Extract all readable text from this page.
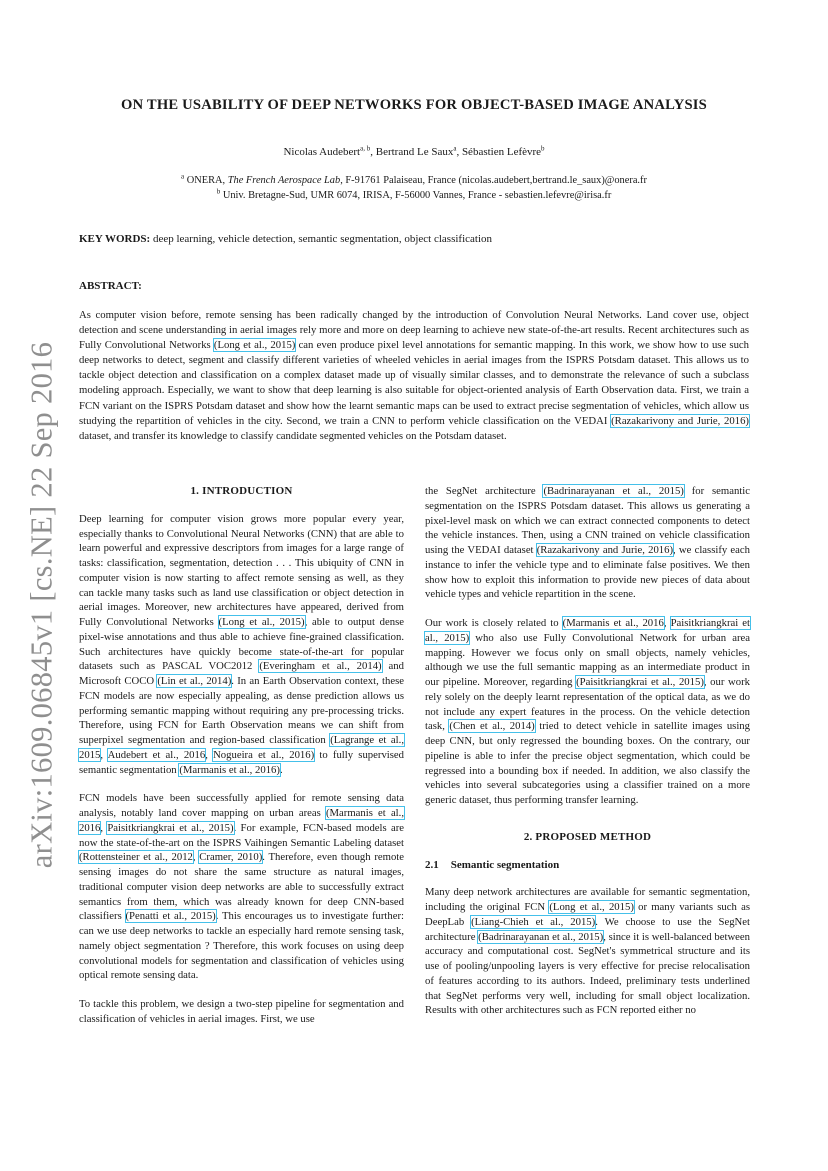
arXiv:1609.06845v1 [cs.NE] 22 Sep 2016
ON THE USABILITY OF DEEP NETWORKS FOR OBJECT-BASED IMAGE ANALYSIS
Nicolas Audebert$^{a, b}$, Bertrand Le Saux$^a$, Sébastien Lefèvre$^b$
$^a$ ONERA, The French Aerospace Lab, F-91761 Palaiseau, France (nicolas.audebert,bertrand.le_saux)@onera.fr
$^b$ Univ. Bretagne-Sud, UMR 6074, IRISA, F-56000 Vannes, France - sebastien.lefevre@irisa.fr
KEY WORDS: deep learning, vehicle detection, semantic segmentation, object classification
ABSTRACT:

As computer vision before, remote sensing has been radically changed by the introduction of Convolution Neural Networks. Land cover use, object detection and scene understanding in aerial images rely more and more on deep learning to achieve new state-of-the-art results. Recent architectures such as Fully Convolutional Networks (Long et al., 2015) can even produce pixel level annotations for semantic mapping. In this work, we show how to use such deep networks to detect, segment and classify different varieties of wheeled vehicles in aerial images from the ISPRS Potsdam dataset. This allows us to tackle object detection and classification on a complex dataset made up of visually similar classes, and to demonstrate the relevance of such a subclass modeling approach. Especially, we want to show that deep learning is also suitable for object-oriented analysis of Earth Observation data. First, we train a FCN variant on the ISPRS Potsdam dataset and show how the learnt semantic maps can be used to extract precise segmentation of vehicles, which allow us studying the repartition of vehicles in the city. Second, we train a CNN to perform vehicle classification on the VEDAI (Razakarivony and Jurie, 2016) dataset, and transfer its knowledge to classify candidate segmented vehicles on the Potsdam dataset.

1. INTRODUCTION

Deep learning for computer vision grows more popular every year, especially thanks to Convolutional Neural Networks (CNN) that are able to learn powerful and expressive descriptors from images for a large range of tasks: classification, segmentation, detection . . . This ubiquity of CNN in computer vision is now starting to affect remote sensing as well, as they can tackle many tasks such as land use classification or object detection in aerial images. Moreover, new architectures have appeared, derived from Fully Convolutional Networks (Long et al., 2015), able to output dense pixel-wise annotations and thus able to achieve fine-grained classification. Such architectures have quickly become state-of-the-art for popular datasets such as PASCAL VOC2012 (Everingham et al., 2014) and Microsoft COCO (Lin et al., 2014). In an Earth Observation context, these FCN models are now especially appealing, as dense prediction allows us performing semantic mapping without requiring any pre-processing tricks. Therefore, using FCN for Earth Observation means we can shift from superpixel segmentation and region-based classification (Lagrange et al., 2015, Audebert et al., 2016, Nogueira et al., 2016) to fully supervised semantic segmentation (Marmanis et al., 2016).

FCN models have been successfully applied for remote sensing data analysis, notably land cover mapping on urban areas (Marmanis et al., 2016, Paisitkriangkrai et al., 2015). For example, FCN-based models are now the state-of-the-art on the ISPRS Vaihingen Semantic Labeling dataset (Rottensteiner et al., 2012, Cramer, 2010). Therefore, even though remote sensing images do not share the same structure as natural images, traditional computer vision deep networks are able to successfully extract semantics from them, which was already known for deep CNN-based classifiers (Penatti et al., 2015). This encourages us to investigate further: can we use deep networks to tackle an especially hard remote sensing task, namely object segmentation ? Therefore, this work focuses on using deep convolutional models for segmentation and classification of vehicles using optical remote sensing data.

To tackle this problem, we design a two-step pipeline for segmentation and classification of vehicles in aerial images. First, we use

the SegNet architecture (Badrinarayanan et al., 2015) for semantic segmentation on the ISPRS Potsdam dataset. This allows us generating a pixel-level mask on which we can extract connected components to detect the vehicle instances. Then, using a CNN trained on vehicle classification using the VEDAI dataset (Razakarivony and Jurie, 2016), we classify each instance to infer the vehicle type and to eliminate false positives. We then show how to exploit this information to provide new pieces of data about vehicle types and vehicle repartition in the scene.

Our work is closely related to (Marmanis et al., 2016, Paisitkriangkrai et al., 2015) who also use Fully Convolutional Network for urban area mapping. However we focus only on small objects, namely vehicles, although we use the full semantic mapping as an intermediate product in our pipeline. Moreover, regarding (Paisitkriangkrai et al., 2015), our work rely solely on the deeply learnt representation of the optical data, as we do not include any expert features in the process. On the vehicle detection task, (Chen et al., 2014) tried to detect vehicle in satellite images using deep CNN, but only regressed the bounding boxes. On the contrary, our pipeline is able to infer the precise object segmentation, which could be regressed into a bounding box if needed. In addition, we also classify the vehicles into several subcategories using a classifier trained on a more generic dataset, thus performing transfer learning.

2. PROPOSED METHOD
2.1 Semantic segmentation

Many deep network architectures are available for semantic segmentation, including the original FCN (Long et al., 2015) or many variants such as DeepLab (Liang-Chieh et al., 2015). We choose to use the SegNet architecture (Badrinarayanan et al., 2015), since it is well-balanced between accuracy and computational cost. SegNet's symmetrical structure and its use of pooling/unpooling layers is very effective for precise relocalisation of features according to its authors. Indeed, preliminary tests underlined that SegNet performs very well, including for small object localization. Results with other architectures such as FCN reported either no
